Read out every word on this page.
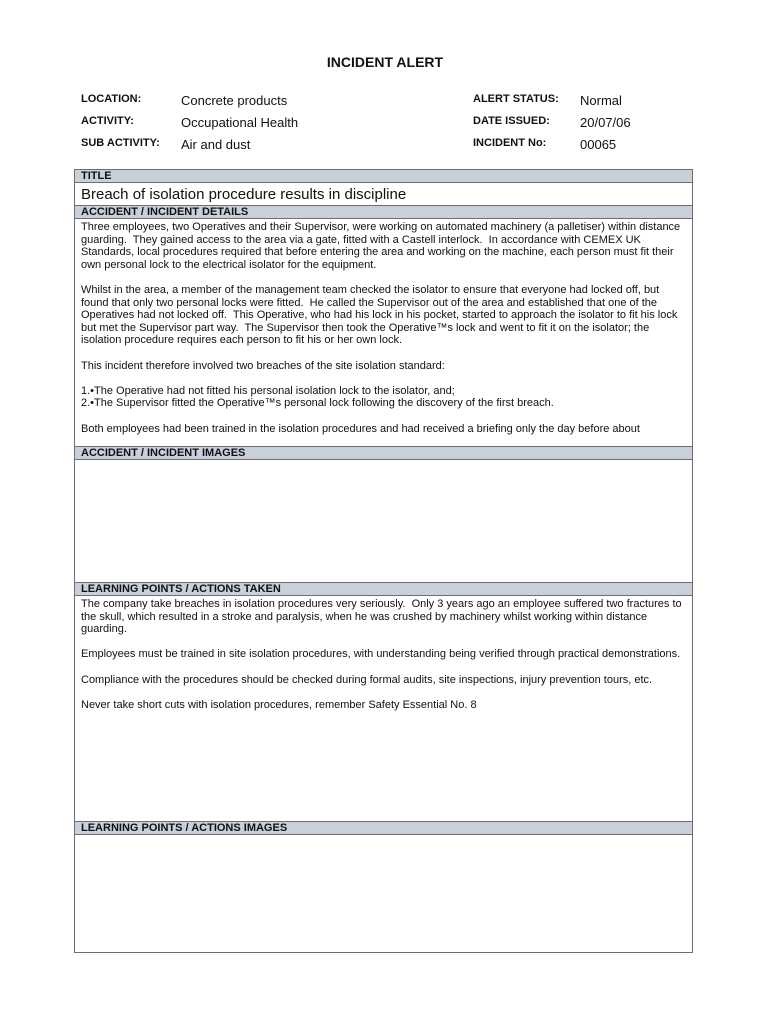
INCIDENT ALERT
LOCATION:	Concrete products
ACTIVITY:	Occupational Health
SUB ACTIVITY: Air and dust
ALERT STATUS: Normal
DATE ISSUED: 20/07/06
INCIDENT No:	00065
TITLE
Breach of isolation procedure results in discipline
ACCIDENT / INCIDENT DETAILS

Three employees, two Operatives and their Supervisor, were working on automated machinery (a palletiser) within distance guarding.  They gained access to the area via a gate, fitted with a Castell interlock.  In accordance with CEMEX UK Standards, local procedures required that before entering the area and working on the machine, each person must fit their own personal lock to the electrical isolator for the equipment.

Whilst in the area, a member of the management team checked the isolator to ensure that everyone had locked off, but found that only two personal locks were fitted.  He called the Supervisor out of the area and established that one of the Operatives had not locked off.  This Operative, who had his lock in his pocket, started to approach the isolator to fit his lock but met the Supervisor part way.  The Supervisor then took the Operative™s lock and went to fit it on the isolator; the isolation procedure requires each person to fit his or her own lock.

This incident therefore involved two breaches of the site isolation standard:

1.•The Operative had not fitted his personal isolation lock to the isolator, and;
2.•The Supervisor fitted the Operative™s personal lock following the discovery of the first breach.

Both employees had been trained in the isolation procedures and had received a briefing only the day before about

ACCIDENT / INCIDENT IMAGES
LEARNING POINTS / ACTIONS TAKEN

The company take breaches in isolation procedures very seriously.  Only 3 years ago an employee suffered two fractures to the skull, which resulted in a stroke and paralysis, when he was crushed by machinery whilst working within distance guarding.

Employees must be trained in site isolation procedures, with understanding being verified through practical demonstrations.

Compliance with the procedures should be checked during formal audits, site inspections, injury prevention tours, etc.

Never take short cuts with isolation procedures, remember Safety Essential No. 8

LEARNING POINTS / ACTIONS IMAGES
